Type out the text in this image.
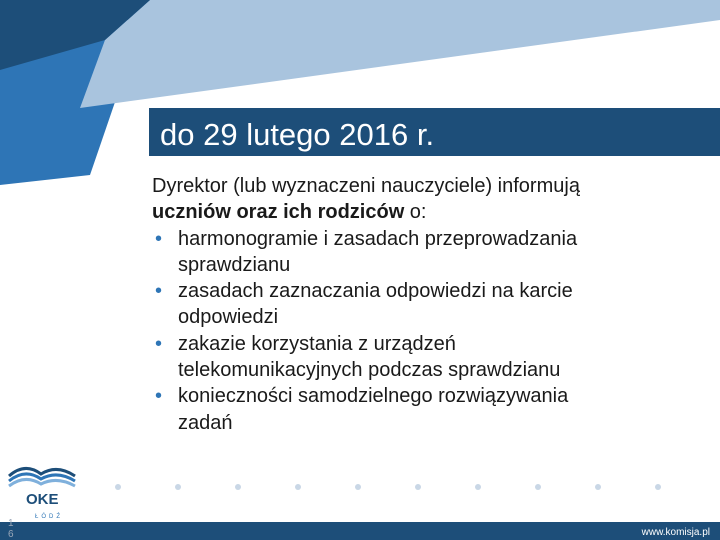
do 29 lutego 2016 r.

Dyrektor (lub wyznaczeni nauczyciele) informują

uczniów oraz ich rodziców o:

• harmonogramie i zasadach przeprowadzania
sprawdzianu
• zasadach zaznaczania odpowiedzi na karcie
odpowiedzi
• zakazie korzystania z urządzeń
telekomunikacyjnych podczas sprawdzianu
• konieczności samodzielnego rozwiązywania
zadań
ŁÓDŹ
OKE
www.komisja.pl
16
